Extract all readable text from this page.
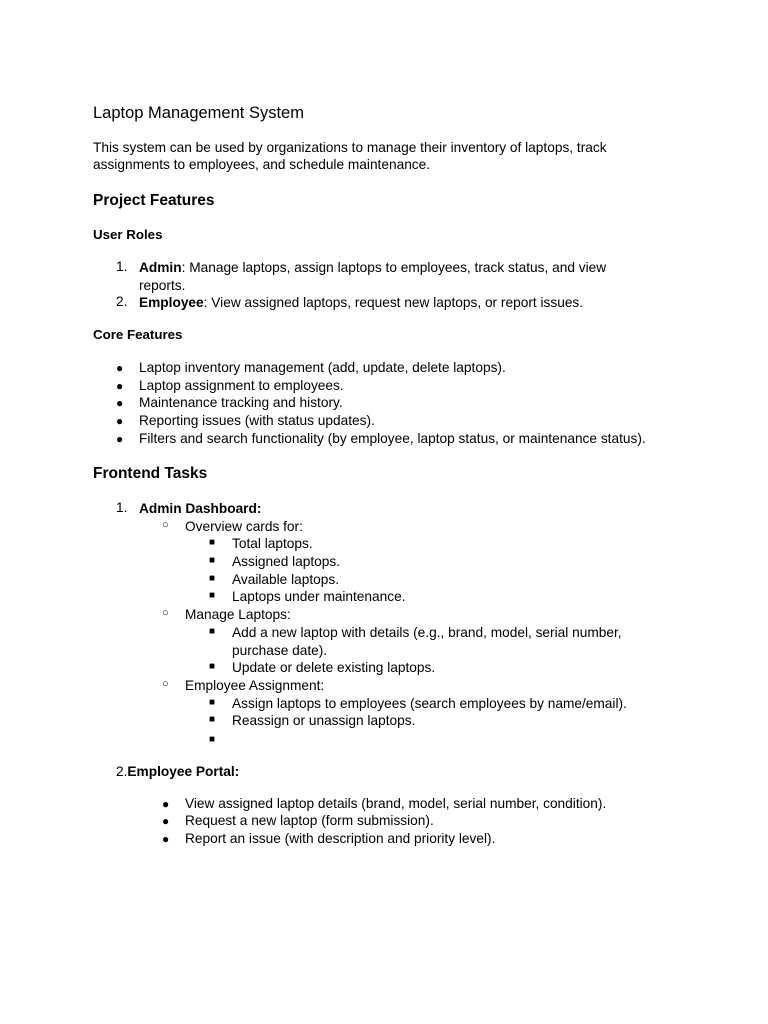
Laptop Management System
This system can be used by organizations to manage their inventory of laptops, track
assignments to employees, and schedule maintenance.
Project Features
User Roles
1. Admin: Manage laptops, assign laptops to employees, track status, and view
reports.
2. Employee: View assigned laptops, request new laptops, or report issues.
Core Features
● Laptop inventory management (add, update, delete laptops).
● Laptop assignment to employees.
● Maintenance tracking and history.
● Reporting issues (with status updates).
● Filters and search functionality (by employee, laptop status, or maintenance status).
Frontend Tasks
1. Admin Dashboard:
○ Overview cards for:
■ Total laptops.
■ Assigned laptops.
■ Available laptops.
■ Laptops under maintenance.
○ Manage Laptops:
■ Add a new laptop with details (e.g., brand, model, serial number,
purchase date).
■ Update or delete existing laptops.
○ Employee Assignment:
■ Assign laptops to employees (search employees by name/email).
■ Reassign or unassign laptops.
■
2.Employee Portal:
● View assigned laptop details (brand, model, serial number, condition).
● Request a new laptop (form submission).
● Report an issue (with description and priority level).
